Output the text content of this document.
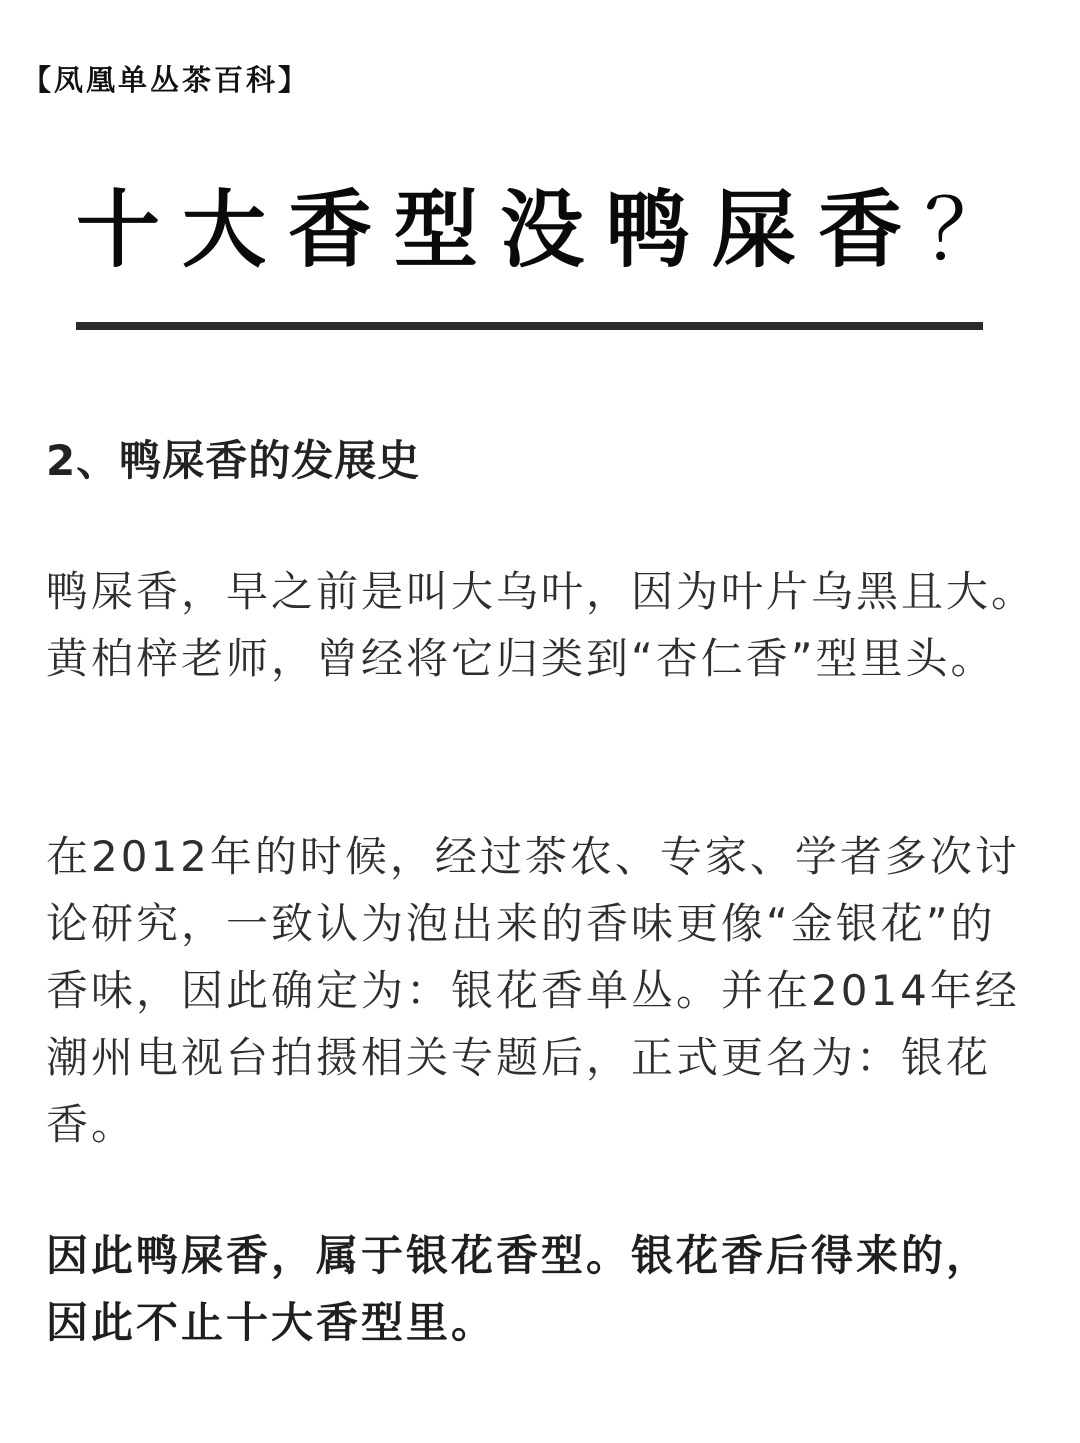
【凤凰单丛茶百科】
十大香型没鸭屎香？
2、鸭屎香的发展史

鸭屎香，早之前是叫大乌叶，因为叶片乌黑且大。黄柏梓老师，曾经将它归类到“杏仁香”型里头。

在2012年的时候，经过茶农、专家、学者多次讨论研究，一致认为泡出来的香味更像“金银花”的香味，因此确定为：银花香单丛。并在2014年经潮州电视台拍摄相关专题后，正式更名为：银花香。

因此鸭屎香，属于银花香型。银花香后得来的，因此不止十大香型里。
